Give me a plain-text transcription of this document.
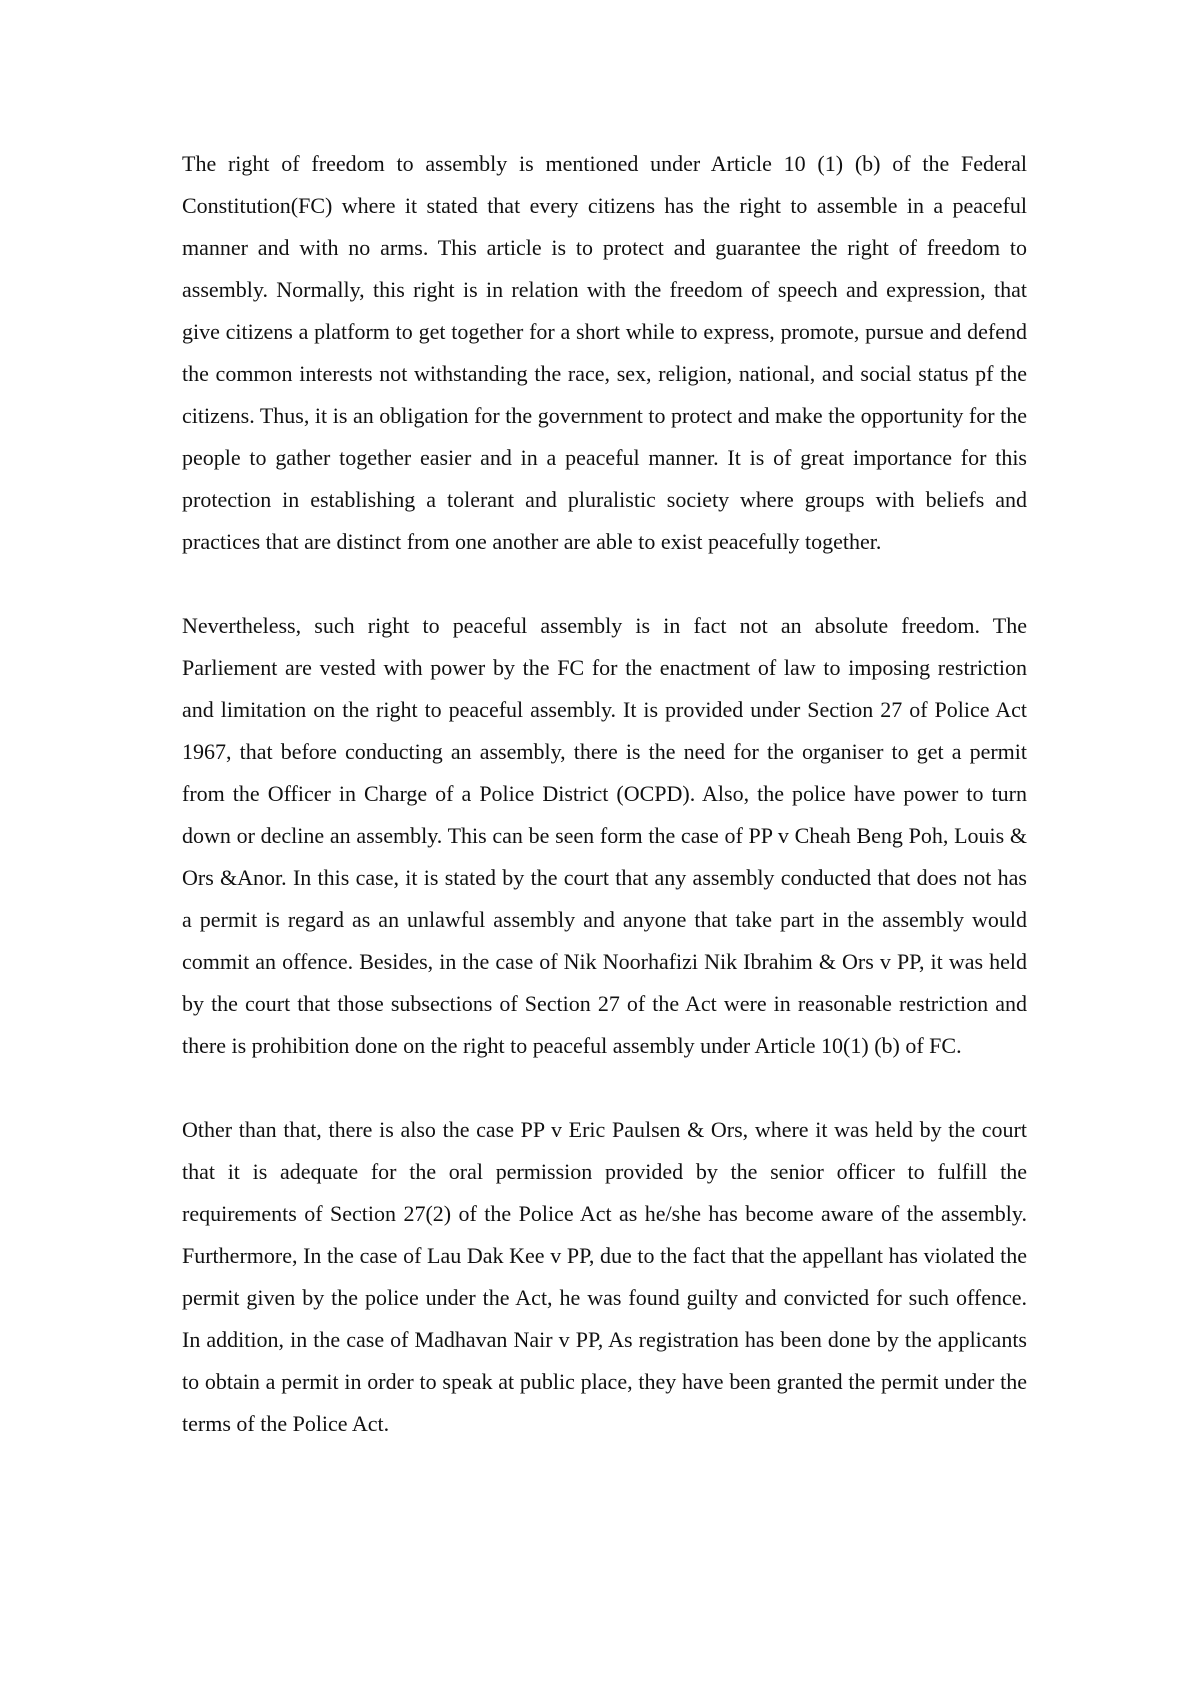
The right of freedom to assembly is mentioned under Article 10 (1) (b) of the Federal Constitution(FC) where it stated that every citizens has the right to assemble in a peaceful manner and with no arms. This article is to protect and guarantee the right of freedom to assembly. Normally, this right is in relation with the freedom of speech and expression, that give citizens a platform to get together for a short while to express, promote, pursue and defend the common interests not withstanding the race, sex, religion, national, and social status pf the citizens. Thus, it is an obligation for the government to protect and make the opportunity for the people to gather together easier and in a peaceful manner. It is of great importance for this protection in establishing a tolerant and pluralistic society where groups with beliefs and practices that are distinct from one another are able to exist peacefully together.

Nevertheless, such right to peaceful assembly is in fact not an absolute freedom. The Parliement are vested with power by the FC for the enactment of law to imposing restriction and limitation on the right to peaceful assembly. It is provided under Section 27 of Police Act 1967, that before conducting an assembly, there is the need for the organiser to get a permit from the Officer in Charge of a Police District (OCPD). Also, the police have power to turn down or decline an assembly. This can be seen form the case of PP v Cheah Beng Poh, Louis & Ors &Anor. In this case, it is stated by the court that any assembly conducted that does not has a permit is regard as an unlawful assembly and anyone that take part in the assembly would commit an offence. Besides, in the case of Nik Noorhafizi Nik Ibrahim & Ors v PP, it was held by the court that those subsections of Section 27 of the Act were in reasonable restriction and there is prohibition done on the right to peaceful assembly under Article 10(1) (b) of FC.

Other than that, there is also the case PP v Eric Paulsen & Ors, where it was held by the court that it is adequate for the oral permission provided by the senior officer to fulfill the requirements of Section 27(2) of the Police Act as he/she has become aware of the assembly. Furthermore, In the case of Lau Dak Kee v PP, due to the fact that the appellant has violated the permit given by the police under the Act, he was found guilty and convicted for such offence. In addition, in the case of Madhavan Nair v PP, As registration has been done by the applicants to obtain a permit in order to speak at public place, they have been granted the permit under the terms of the Police Act.
